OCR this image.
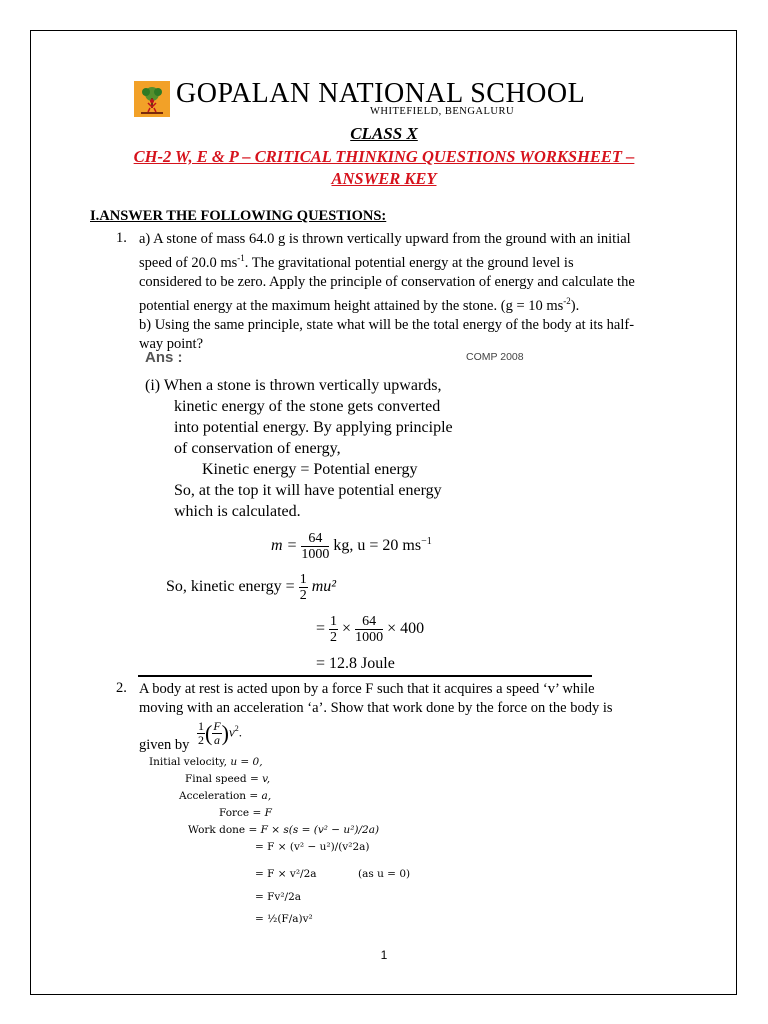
GOPALAN NATIONAL SCHOOL
WHITEFIELD, BENGALURU
CLASS X
CH-2 W, E & P – CRITICAL THINKING QUESTIONS WORKSHEET –
ANSWER KEY
I.ANSWER THE FOLLOWING QUESTIONS:
1. a) A stone of mass 64.0 g is thrown vertically upward from the ground with an initial
speed of 20.0 $ms^{-1}$. The gravitational potential energy at the ground level is
considered to be zero. Apply the principle of conservation of energy and calculate the
potential energy at the maximum height attained by the stone. (g = 10 $ms^{-2}$).
b) Using the same principle, state what will be the total energy of the body at its half-
way point?
Ans :	COMP 2008
(i) When a stone is thrown vertically upwards,
kinetic energy of the stone gets converted
into potential energy. By applying principle
of conservation of energy,
Kinetic energy = Potential energy
So, at the top it will have potential energy
which is calculated.
$m = \frac{64}{1000}$ kg, u = 20 $ms^{-1}$
So, kinetic energy = $\frac{1}{2} mu^2$
= $\frac{1}{2} \times \frac{64}{1000} \times 400$
= 12.8 Joule
2. A body at rest is acted upon by a force F such that it acquires a speed ‘v’ while
moving with an acceleration ‘a’. Show that work done by the force on the body is
given by $\frac{1}{2}$ ( $\frac{F}{a} )v^2$.
Initial velocity, u = 0,
Final speed = v,
Acceleration = a,
Force = F
Work done = F × s(s = (v² − u²)/2a)
= F × (v² − u²)/(v²2a)
= F × v²/2a	(as u = 0)
= Fv²/2a
= ½(F/a)v²
1
